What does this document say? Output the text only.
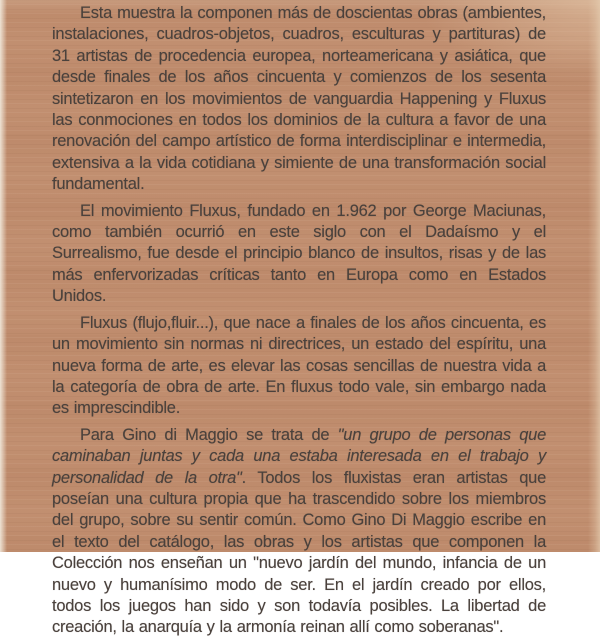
Esta muestra la componen más de doscientas obras (ambientes, instalaciones, cuadros-objetos, cuadros, esculturas y partituras) de 31 artistas de procedencia europea, norteamericana y asiática, que desde finales de los años cincuenta y comienzos de los sesenta sintetizaron en los movimientos de vanguardia Happening y Fluxus las conmociones en todos los dominios de la cultura a favor de una renovación del campo artístico de forma interdisciplinar e intermedia, extensiva a la vida cotidiana y simiente de una transformación social fundamental.

El movimiento Fluxus, fundado en 1.962 por George Maciunas, como también ocurrió en este siglo con el Dadaísmo y el Surrealismo, fue desde el principio blanco de insultos, risas y de las más enfervorizadas críticas tanto en Europa como en Estados Unidos.

Fluxus (flujo,fluir...), que nace a finales de los años cincuenta, es un movimiento sin normas ni directrices, un estado del espíritu, una nueva forma de arte, es elevar las cosas sencillas de nuestra vida a la categoría de obra de arte. En fluxus todo vale, sin embargo nada es imprescindible.

Para Gino di Maggio se trata de "un grupo de personas que caminaban juntas y cada una estaba interesada en el trabajo y personalidad de la otra". Todos los fluxistas eran artistas que poseían una cultura propia que ha trascendido sobre los miembros del grupo, sobre su sentir común. Como Gino Di Maggio escribe en el texto del catálogo, las obras y los artistas que componen la Colección nos enseñan un "nuevo jardín del mundo, infancia de un nuevo y humanísimo modo de ser. En el jardín creado por ellos, todos los juegos han sido y son todavía posibles. La libertad de creación, la anarquía y la armonía reinan allí como soberanas".
